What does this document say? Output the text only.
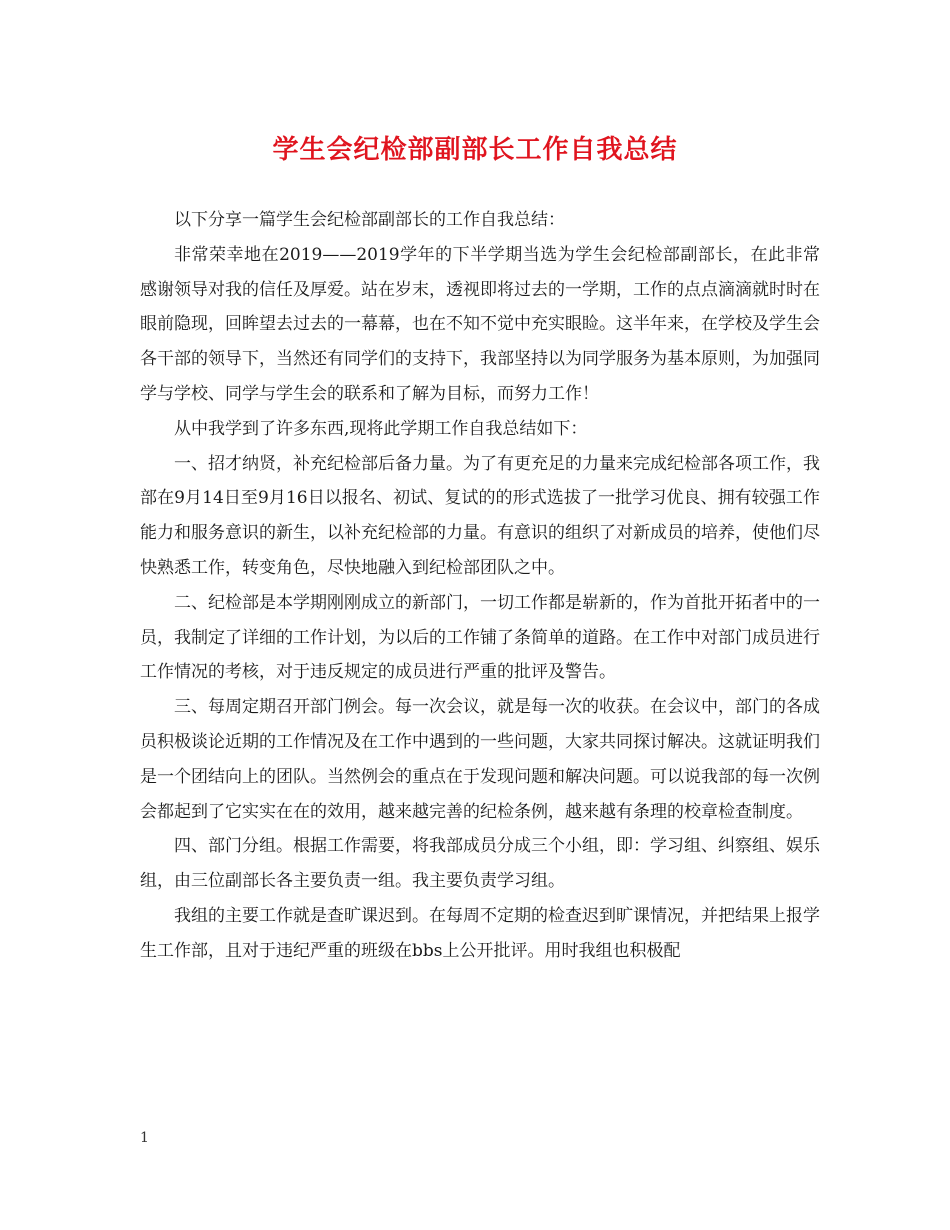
学生会纪检部副部长工作自我总结

以下分享一篇学生会纪检部副部长的工作自我总结：

非常荣幸地在2019——2019学年的下半学期当选为学生会纪检部副部长，在此非常感谢领导对我的信任及厚爱。站在岁末，透视即将过去的一学期，工作的点点滴滴就时时在眼前隐现，回眸望去过去的一幕幕，也在不知不觉中充实眼睑。这半年来，在学校及学生会各干部的领导下，当然还有同学们的支持下，我部坚持以为同学服务为基本原则，为加强同学与学校、同学与学生会的联系和了解为目标，而努力工作！

从中我学到了许多东西,现将此学期工作自我总结如下：

一、招才纳贤，补充纪检部后备力量。为了有更充足的力量来完成纪检部各项工作，我部在9月14日至9月16日以报名、初试、复试的的形式选拔了一批学习优良、拥有较强工作能力和服务意识的新生，以补充纪检部的力量。有意识的组织了对新成员的培养，使他们尽快熟悉工作，转变角色，尽快地融入到纪检部团队之中。

二、纪检部是本学期刚刚成立的新部门，一切工作都是崭新的，作为首批开拓者中的一员，我制定了详细的工作计划，为以后的工作铺了条简单的道路。在工作中对部门成员进行工作情况的考核，对于违反规定的成员进行严重的批评及警告。

三、每周定期召开部门例会。每一次会议，就是每一次的收获。在会议中，部门的各成员积极谈论近期的工作情况及在工作中遇到的一些问题，大家共同探讨解决。这就证明我们是一个团结向上的团队。当然例会的重点在于发现问题和解决问题。可以说我部的每一次例会都起到了它实实在在的效用，越来越完善的纪检条例，越来越有条理的校章检查制度。

四、部门分组。根据工作需要，将我部成员分成三个小组，即：学习组、纠察组、娱乐组，由三位副部长各主要负责一组。我主要负责学习组。

我组的主要工作就是查旷课迟到。在每周不定期的检查迟到旷课情况，并把结果上报学生工作部，且对于违纪严重的班级在bbs上公开批评。用时我组也积极配

1
